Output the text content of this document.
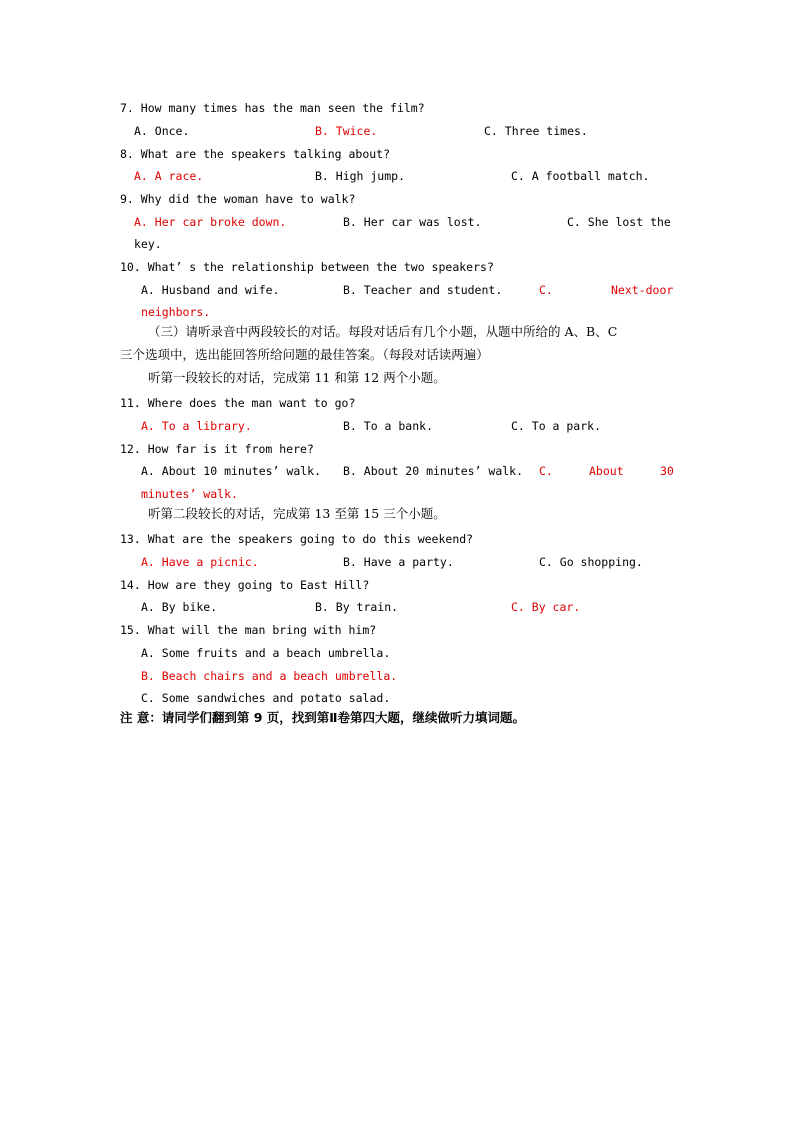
7. How many times has the man seen the film?
A. Once.	B. Twice.	C. Three times.
8. What are the speakers talking about?
A. A race.	B. High jump.	C. A football match.
9. Why did the woman have to walk?
A. Her car broke down.	B. Her car was lost.	C. She lost the
key.
10. What’ s the relationship between the two speakers?
A. Husband and wife.	B. Teacher and student.	C.	Next-door
neighbors.
（三）请听录音中两段较长的对话。每段对话后有几个小题，从题中所给的 A、B、C
三个选项中，选出能回答所给问题的最佳答案。（每段对话读两遍）
听第一段较长的对话，完成第 11 和第 12 两个小题。
11. Where does the man want to go?
A. To a library.	B. To a bank.	C. To a park.
12. How far is it from here?
A. About 10 minutes’ walk. B. About 20 minutes’ walk. C.	About	30
minutes’ walk.
听第二段较长的对话，完成第 13 至第 15 三个小题。
13. What are the speakers going to do this weekend?
A. Have a picnic.	B. Have a party.	C. Go shopping.
14. How are they going to East Hill?
A. By bike.	B. By train.	C. By car.
15. What will the man bring with him?
A. Some fruits and a beach umbrella.
B. Beach chairs and a beach umbrella.
C. Some sandwiches and potato salad.
注 意：请同学们翻到第 9 页，找到第Ⅱ卷第四大题，继续做听力填词题。
